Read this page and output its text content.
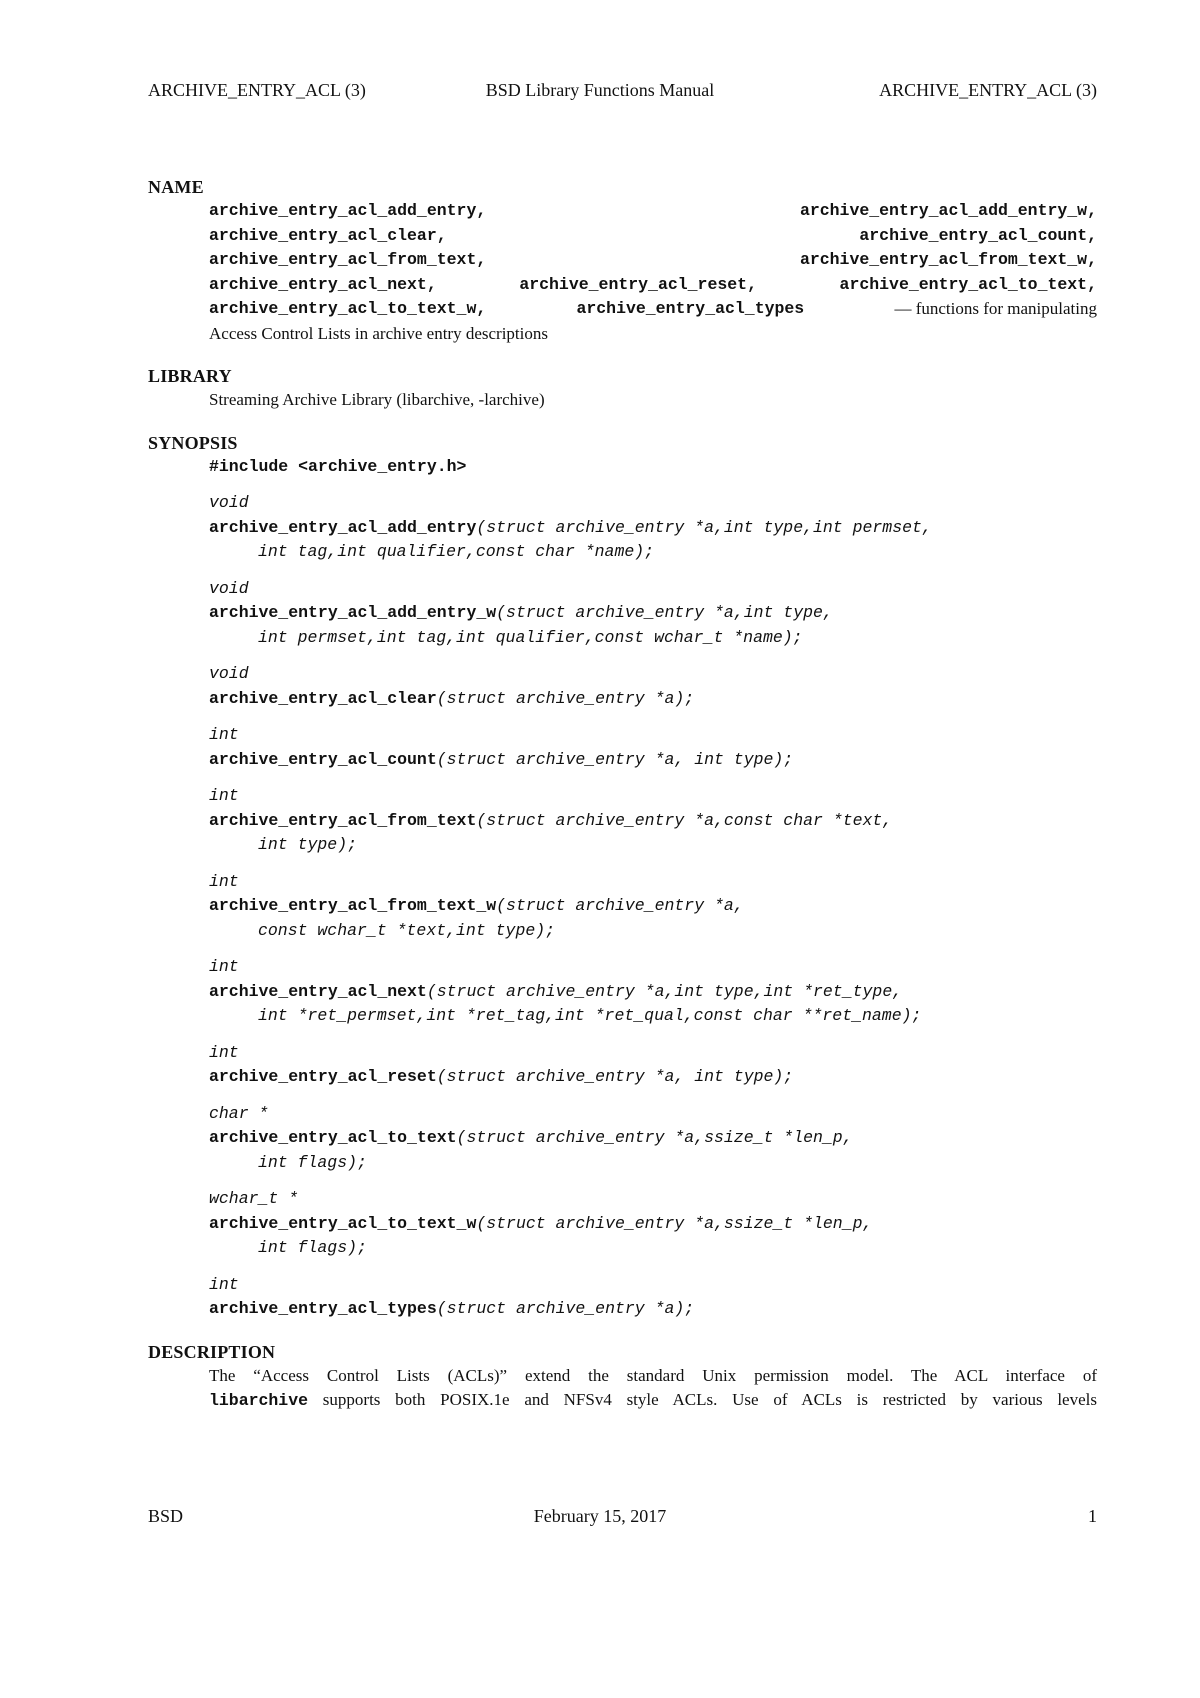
ARCHIVE_ENTRY_ACL (3)	BSD Library Functions Manual	ARCHIVE_ENTRY_ACL (3)
NAME
archive_entry_acl_add_entry,	archive_entry_acl_add_entry_w,
archive_entry_acl_clear,	archive_entry_acl_count,
archive_entry_acl_from_text,	archive_entry_acl_from_text_w,
archive_entry_acl_next,	archive_entry_acl_reset,	archive_entry_acl_to_text,
archive_entry_acl_to_text_w,	archive_entry_acl_types	— functions for manipulating
Access Control Lists in archive entry descriptions
LIBRARY
Streaming Archive Library (libarchive, -larchive)
SYNOPSIS
#include <archive_entry.h>
void
archive_entry_acl_add_entry(struct archive_entry *a,int type,int permset,
int tag,int qualifier,const char *name);
void
archive_entry_acl_add_entry_w(struct archive_entry *a,int type,
int permset,int tag,int qualifier,const wchar_t *name);
void
archive_entry_acl_clear(struct archive_entry *a);
int
archive_entry_acl_count(struct archive_entry *a, int type);
int
archive_entry_acl_from_text(struct archive_entry *a,const char *text,
int type);
int
archive_entry_acl_from_text_w(struct archive_entry *a,
const wchar_t *text,int type);
int
archive_entry_acl_next(struct archive_entry *a,int type,int *ret_type,
int *ret_permset,int *ret_tag,int *ret_qual,const char **ret_name);
int
archive_entry_acl_reset(struct archive_entry *a, int type);
char *
archive_entry_acl_to_text(struct archive_entry *a,ssize_t *len_p,
int flags);
wchar_t *
archive_entry_acl_to_text_w(struct archive_entry *a,ssize_t *len_p,
int flags);
int
archive_entry_acl_types(struct archive_entry *a);
DESCRIPTION
The “Access Control Lists (ACLs)” extend the standard Unix permission model. The ACL interface of
libarchive supports both POSIX.1e and NFSv4 style ACLs. Use of ACLs is restricted by various levels
BSD	February 15, 2017	1
